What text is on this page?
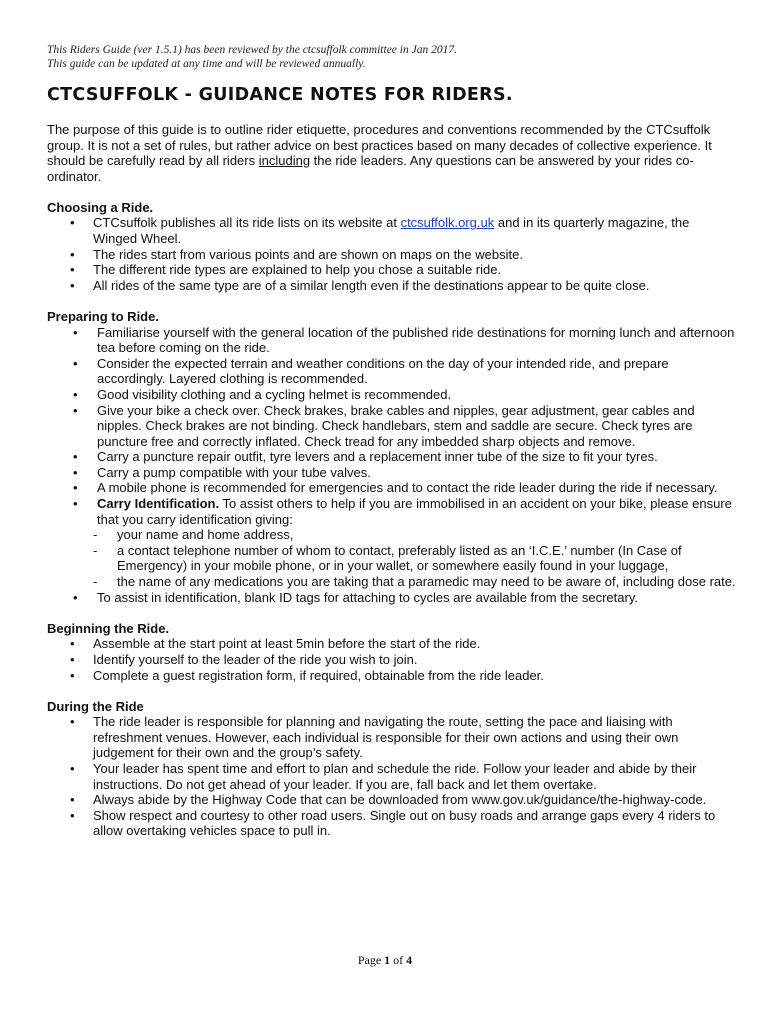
This Riders Guide (ver 1.5.1) has been reviewed by the ctcsuffolk committee in Jan 2017.
This guide can be updated at any time and will be reviewed annually.
CTCSUFFOLK - GUIDANCE NOTES FOR RIDERS.

The purpose of this guide is to outline rider etiquette, procedures and conventions recommended by the CTCsuffolk group. It is not a set of rules, but rather advice on best practices based on many decades of collective experience. It should be carefully read by all riders including the ride leaders. Any questions can be answered by your rides co-ordinator.

Choosing a Ride.
• CTCsuffolk publishes all its ride lists on its website at ctcsuffolk.org.uk and in its quarterly magazine, the Winged Wheel.
• The rides start from various points and are shown on maps on the website.
• The different ride types are explained to help you chose a suitable ride.
• All rides of the same type are of a similar length even if the destinations appear to be quite close.
Preparing to Ride.
• Familiarise yourself with the general location of the published ride destinations for morning lunch and afternoon tea before coming on the ride.
• Consider the expected terrain and weather conditions on the day of your intended ride, and prepare accordingly. Layered clothing is recommended.
• Good visibility clothing and a cycling helmet is recommended.
• Give your bike a check over. Check brakes, brake cables and nipples, gear adjustment, gear cables and nipples. Check brakes are not binding. Check handlebars, stem and saddle are secure. Check tyres are puncture free and correctly inflated. Check tread for any imbedded sharp objects and remove.
• Carry a puncture repair outfit, tyre levers and a replacement inner tube of the size to fit your tyres.
• Carry a pump compatible with your tube valves.
• A mobile phone is recommended for emergencies and to contact the ride leader during the ride if necessary.
• Carry Identification. To assist others to help if you are immobilised in an accident on your bike, please ensure that you carry identification giving:
- your name and home address,
- a contact telephone number of whom to contact, preferably listed as an ‘I.C.E.’ number (In Case of Emergency) in your mobile phone, or in your wallet, or somewhere easily found in your luggage,
- the name of any medications you are taking that a paramedic may need to be aware of, including dose rate.
• To assist in identification, blank ID tags for attaching to cycles are available from the secretary.
Beginning the Ride.
• Assemble at the start point at least 5min before the start of the ride.
• Identify yourself to the leader of the ride you wish to join.
• Complete a guest registration form, if required, obtainable from the ride leader.
During the Ride
• The ride leader is responsible for planning and navigating the route, setting the pace and liaising with refreshment venues. However, each individual is responsible for their own actions and using their own judgement for their own and the group’s safety.
• Your leader has spent time and effort to plan and schedule the ride. Follow your leader and abide by their instructions. Do not get ahead of your leader. If you are, fall back and let them overtake.
• Always abide by the Highway Code that can be downloaded from www.gov.uk/guidance/the-highway-code.
• Show respect and courtesy to other road users. Single out on busy roads and arrange gaps every 4 riders to allow overtaking vehicles space to pull in.
Page 1 of 4
